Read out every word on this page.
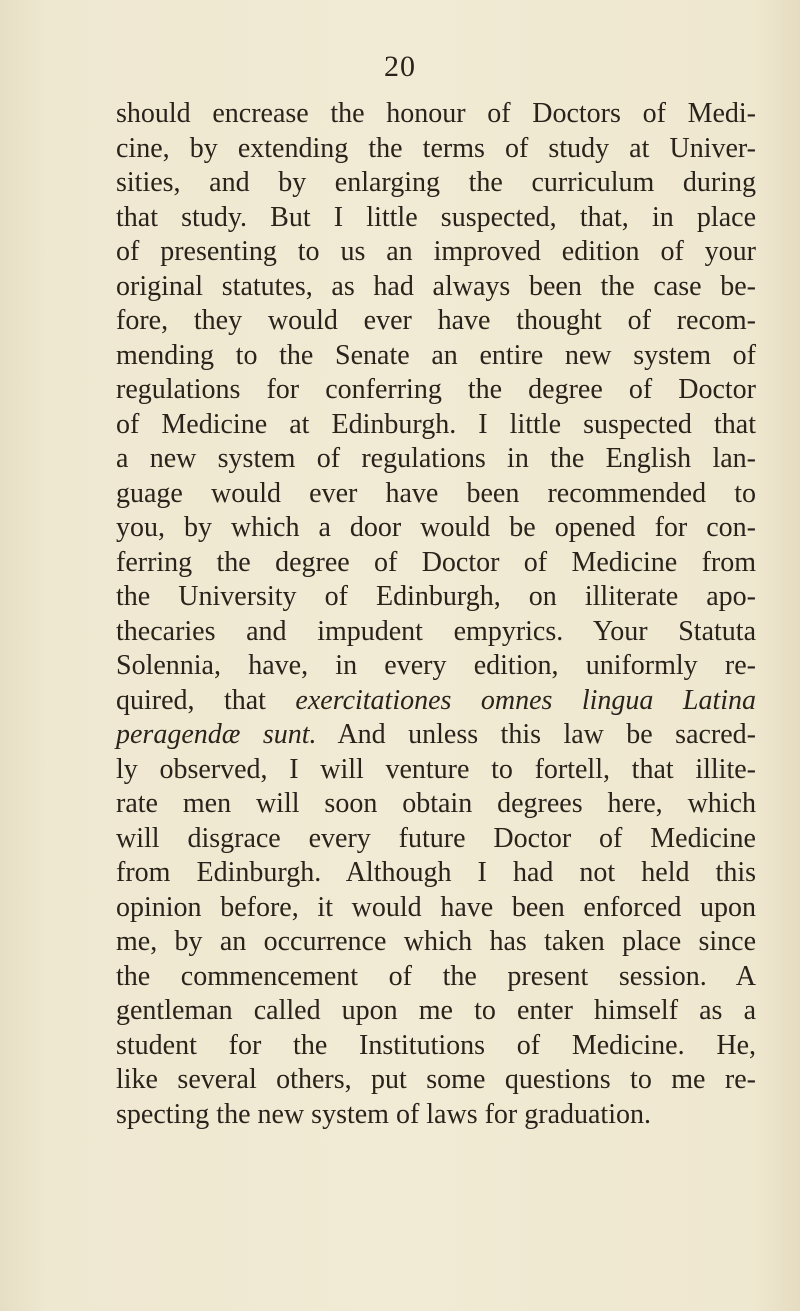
20
should encrease the honour of Doctors of Medi-
cine, by extending the terms of study at Univer-
sities, and by enlarging the curriculum during
that study. But I little suspected, that, in place
of presenting to us an improved edition of your
original statutes, as had always been the case be-
fore, they would ever have thought of recom-
mending to the Senate an entire new system of
regulations for conferring the degree of Doctor
of Medicine at Edinburgh. I little suspected that
a new system of regulations in the English lan-
guage would ever have been recommended to
you, by which a door would be opened for con-
ferring the degree of Doctor of Medicine from
the University of Edinburgh, on illiterate apo-
thecaries and impudent empyrics. Your Statuta
Solennia, have, in every edition, uniformly re-
quired, that exercitationes omnes lingua Latina
peragendæ sunt. And unless this law be sacred-
ly observed, I will venture to fortell, that illite-
rate men will soon obtain degrees here, which
will disgrace every future Doctor of Medicine
from Edinburgh. Although I had not held this
opinion before, it would have been enforced upon
me, by an occurrence which has taken place since
the commencement of the present session. A
gentleman called upon me to enter himself as a
student for the Institutions of Medicine. He,
like several others, put some questions to me re-
specting the new system of laws for graduation.
